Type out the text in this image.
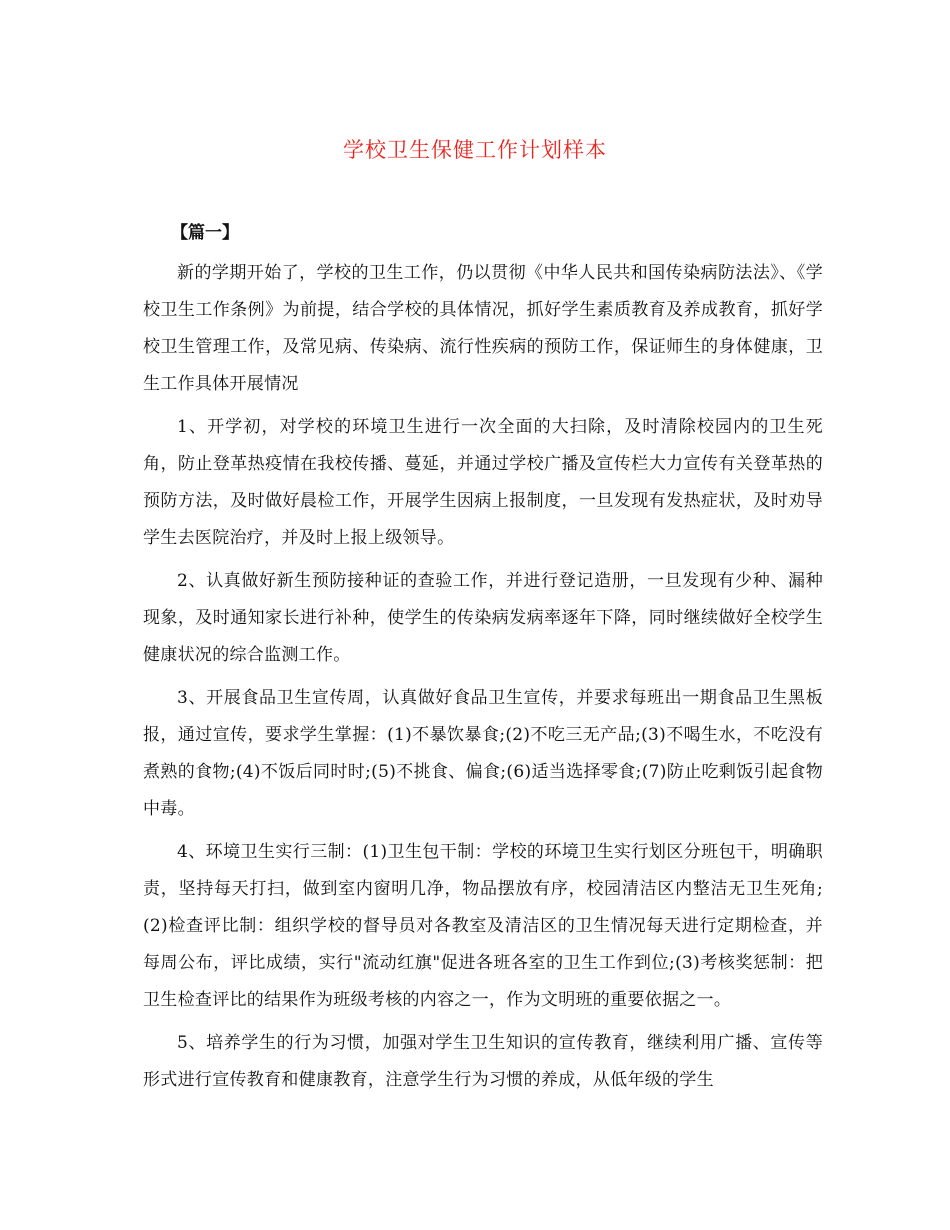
学校卫生保健工作计划样本
【篇一】

新的学期开始了，学校的卫生工作，仍以贯彻《中华人民共和国传染病防法法》、《学校卫生工作条例》为前提，结合学校的具体情况，抓好学生素质教育及养成教育，抓好学校卫生管理工作，及常见病、传染病、流行性疾病的预防工作，保证师生的身体健康，卫生工作具体开展情况

1、开学初，对学校的环境卫生进行一次全面的大扫除，及时清除校园内的卫生死角，防止登革热疫情在我校传播、蔓延，并通过学校广播及宣传栏大力宣传有关登革热的预防方法，及时做好晨检工作，开展学生因病上报制度，一旦发现有发热症状，及时劝导学生去医院治疗，并及时上报上级领导。

2、认真做好新生预防接种证的查验工作，并进行登记造册，一旦发现有少种、漏种现象，及时通知家长进行补种，使学生的传染病发病率逐年下降，同时继续做好全校学生健康状况的综合监测工作。

3、开展食品卫生宣传周，认真做好食品卫生宣传，并要求每班出一期食品卫生黑板报，通过宣传，要求学生掌握：(1)不暴饮暴食;(2)不吃三无产品;(3)不喝生水，不吃没有煮熟的食物;(4)不饭后同时时;(5)不挑食、偏食;(6)适当选择零食;(7)防止吃剩饭引起食物中毒。

4、环境卫生实行三制：(1)卫生包干制：学校的环境卫生实行划区分班包干，明确职责，坚持每天打扫，做到室内窗明几净，物品摆放有序，校园清洁区内整洁无卫生死角;(2)检查评比制：组织学校的督导员对各教室及清洁区的卫生情况每天进行定期检查，并每周公布，评比成绩，实行"流动红旗"促进各班各室的卫生工作到位;(3)考核奖惩制：把卫生检查评比的结果作为班级考核的内容之一，作为文明班的重要依据之一。

5、培养学生的行为习惯，加强对学生卫生知识的宣传教育，继续利用广播、宣传等形式进行宣传教育和健康教育，注意学生行为习惯的养成，从低年级的学生
